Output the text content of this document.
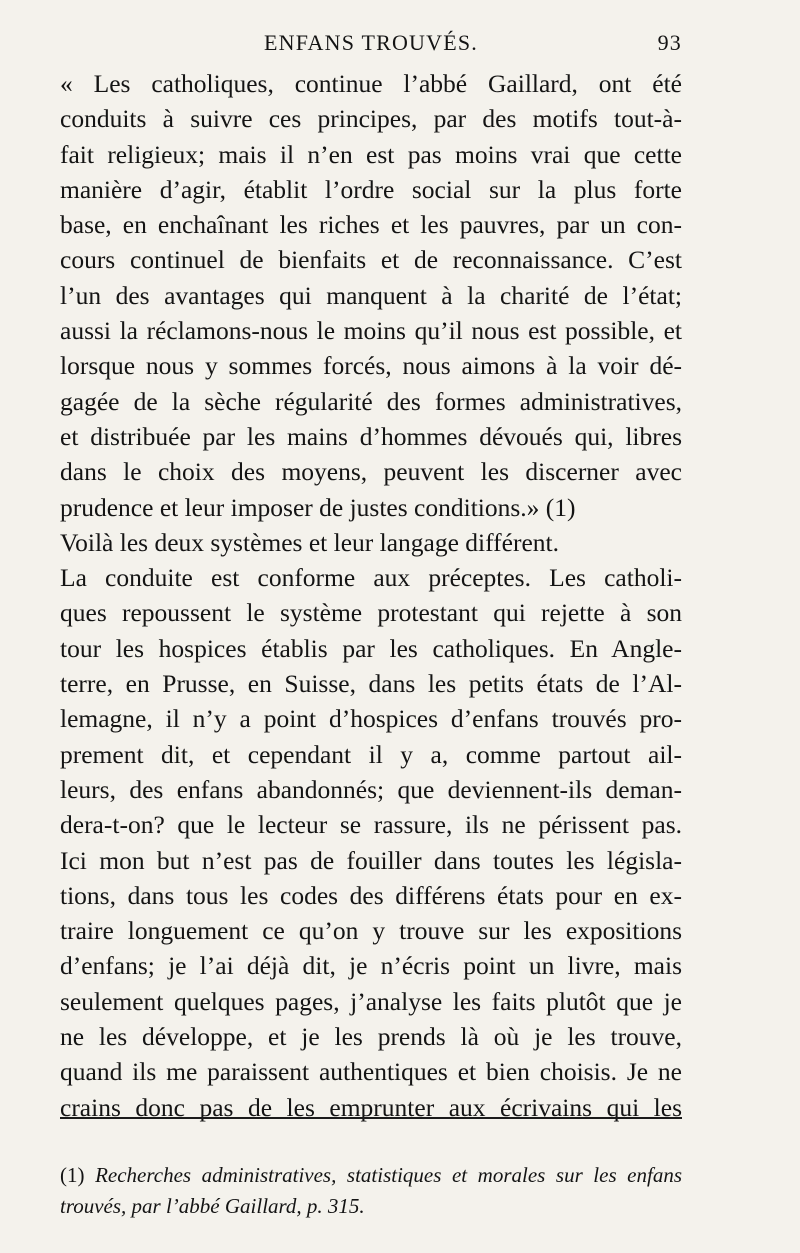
ENFANS TROUVÉS.	93
« Les catholiques, continue l’abbé Gaillard, ont été
conduits à suivre ces principes, par des motifs tout-à-
fait religieux; mais il n’en est pas moins vrai que cette
manière d’agir, établit l’ordre social sur la plus forte
base, en enchaînant les riches et les pauvres, par un con-
cours continuel de bienfaits et de reconnaissance. C’est
l’un des avantages qui manquent à la charité de l’état;
aussi la réclamons-nous le moins qu’il nous est possible, et
lorsque nous y sommes forcés, nous aimons à la voir dé-
gagée de la sèche régularité des formes administratives,
et distribuée par les mains d’hommes dévoués qui, libres
dans le choix des moyens, peuvent les discerner avec
prudence et leur imposer de justes conditions.» (1)
Voilà les deux systèmes et leur langage différent.
La conduite est conforme aux préceptes. Les catholi-
ques repoussent le système protestant qui rejette à son
tour les hospices établis par les catholiques. En Angle-
terre, en Prusse, en Suisse, dans les petits états de l’Al-
lemagne, il n’y a point d’hospices d’enfans trouvés pro-
prement dit, et cependant il y a, comme partout ail-
leurs, des enfans abandonnés; que deviennent-ils deman-
dera-t-on? que le lecteur se rassure, ils ne périssent pas.
Ici mon but n’est pas de fouiller dans toutes les législa-
tions, dans tous les codes des différens états pour en ex-
traire longuement ce qu’on y trouve sur les expositions
d’enfans; je l’ai déjà dit, je n’écris point un livre, mais
seulement quelques pages, j’analyse les faits plutôt que je
ne les développe, et je les prends là où je les trouve,
quand ils me paraissent authentiques et bien choisis. Je ne
crains donc pas de les emprunter aux écrivains qui les
(1) Recherches administratives, statistiques et morales sur les enfans
trouvés, par l’abbé Gaillard, p. 315.
